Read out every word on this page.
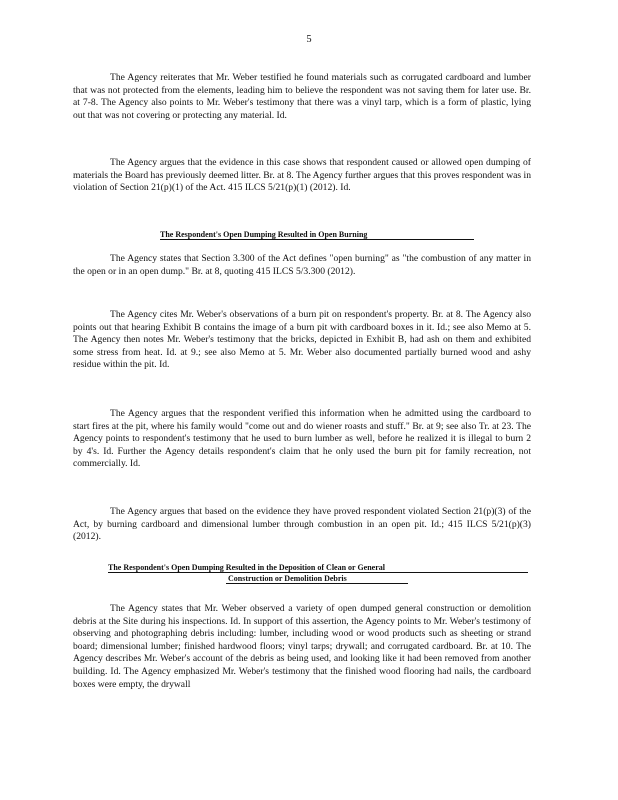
5

The Agency reiterates that Mr. Weber testified he found materials such as corrugated cardboard and lumber that was not protected from the elements, leading him to believe the respondent was not saving them for later use. Br. at 7-8. The Agency also points to Mr. Weber's testimony that there was a vinyl tarp, which is a form of plastic, lying out that was not covering or protecting any material. Id.

The Agency argues that the evidence in this case shows that respondent caused or allowed open dumping of materials the Board has previously deemed litter. Br. at 8. The Agency further argues that this proves respondent was in violation of Section 21(p)(1) of the Act. 415 ILCS 5/21(p)(1) (2012). Id.

The Respondent's Open Dumping Resulted in Open Burning

The Agency states that Section 3.300 of the Act defines "open burning" as "the combustion of any matter in the open or in an open dump." Br. at 8, quoting 415 ILCS 5/3.300 (2012).

The Agency cites Mr. Weber's observations of a burn pit on respondent's property. Br. at 8. The Agency also points out that hearing Exhibit B contains the image of a burn pit with cardboard boxes in it. Id.; see also Memo at 5. The Agency then notes Mr. Weber's testimony that the bricks, depicted in Exhibit B, had ash on them and exhibited some stress from heat. Id. at 9.; see also Memo at 5. Mr. Weber also documented partially burned wood and ashy residue within the pit. Id.

The Agency argues that the respondent verified this information when he admitted using the cardboard to start fires at the pit, where his family would "come out and do wiener roasts and stuff." Br. at 9; see also Tr. at 23. The Agency points to respondent's testimony that he used to burn lumber as well, before he realized it is illegal to burn 2 by 4's. Id. Further the Agency details respondent's claim that he only used the burn pit for family recreation, not commercially. Id.

The Agency argues that based on the evidence they have proved respondent violated Section 21(p)(3) of the Act, by burning cardboard and dimensional lumber through combustion in an open pit. Id.; 415 ILCS 5/21(p)(3) (2012).

The Respondent's Open Dumping Resulted in the Deposition of Clean or General
Construction or Demolition Debris

The Agency states that Mr. Weber observed a variety of open dumped general construction or demolition debris at the Site during his inspections. Id. In support of this assertion, the Agency points to Mr. Weber's testimony of observing and photographing debris including: lumber, including wood or wood products such as sheeting or strand board; dimensional lumber; finished hardwood floors; vinyl tarps; drywall; and corrugated cardboard. Br. at 10. The Agency describes Mr. Weber's account of the debris as being used, and looking like it had been removed from another building. Id. The Agency emphasized Mr. Weber's testimony that the finished wood flooring had nails, the cardboard boxes were empty, the drywall
